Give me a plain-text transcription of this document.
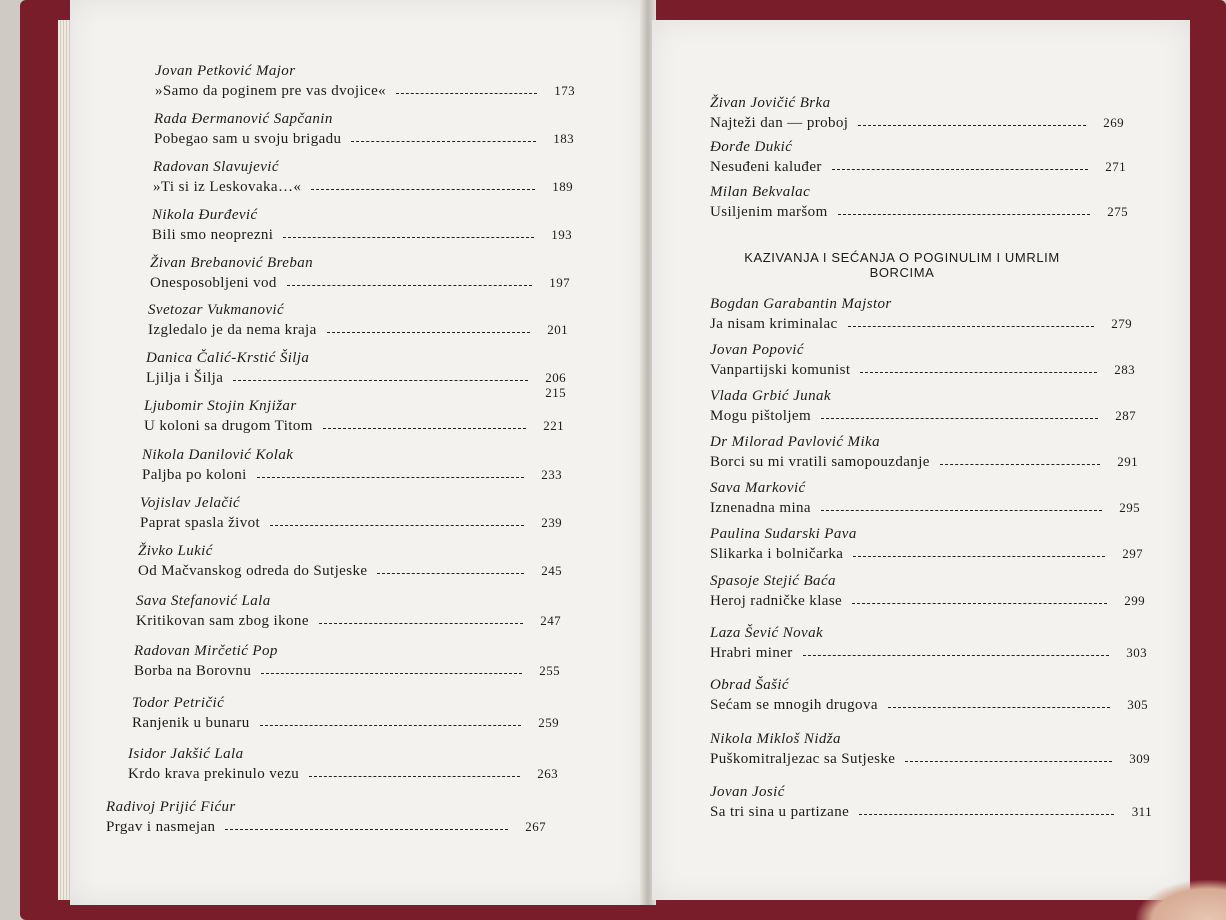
Jovan Petković Major
»Samo da poginem pre vas dvojice«	173
Rada Đermanović Sapčanin
Pobegao sam u svoju brigadu	183
Radovan Slavujević
»Ti si iz Leskovaka…«	189
Nikola Đurđević
Bili smo neoprezni	193
Živan Brebanović Breban
Onesposobljeni vod	197
Svetozar Vukmanović
Izgledalo je da nema kraja	201
Danica Čalić-Krstić Šilja
Ljilja i Šilja	206
215
Ljubomir Stojin Knjižar
U koloni sa drugom Titom	221
Nikola Danilović Kolak
Paljba po koloni	233
Vojislav Jelačić
Paprat spasla život	239
Živko Lukić
Od Mačvanskog odreda do Sutjeske	245
Sava Stefanović Lala
Kritikovan sam zbog ikone	247
Radovan Mirčetić Pop
Borba na Borovnu	255
Todor Petričić
Ranjenik u bunaru	259
Isidor Jakšić Lala
Krdo krava prekinulo vezu	263
Radivoj Prijić Fićur
Prgav i nasmejan	267
Živan Jovičić Brka
Najteži dan — proboj	269
Đorđe Dukić
Nesuđeni kaluđer	271
Milan Bekvalac
Usiljenim maršom	275
KAZIVANJA I SEĆANJA O POGINULIM I UMRLIM BORCIMA
Bogdan Garabantin Majstor
Ja nisam kriminalac	279
Jovan Popović
Vanpartijski komunist	283
Vlada Grbić Junak
Mogu pištoljem	287
Dr Milorad Pavlović Mika
Borci su mi vratili samopouzdanje	291
Sava Marković
Iznenadna mina	295
Paulina Sudarski Pava
Slikarka i bolničarka	297
Spasoje Stejić Baća
Heroj radničke klase	299
Laza Šević Novak
Hrabri miner	303
Obrad Šašić
Sećam se mnogih drugova	305
Nikola Mikloš Nidža
Puškomitraljezac sa Sutjeske	309
Jovan Josić
Sa tri sina u partizane	311
